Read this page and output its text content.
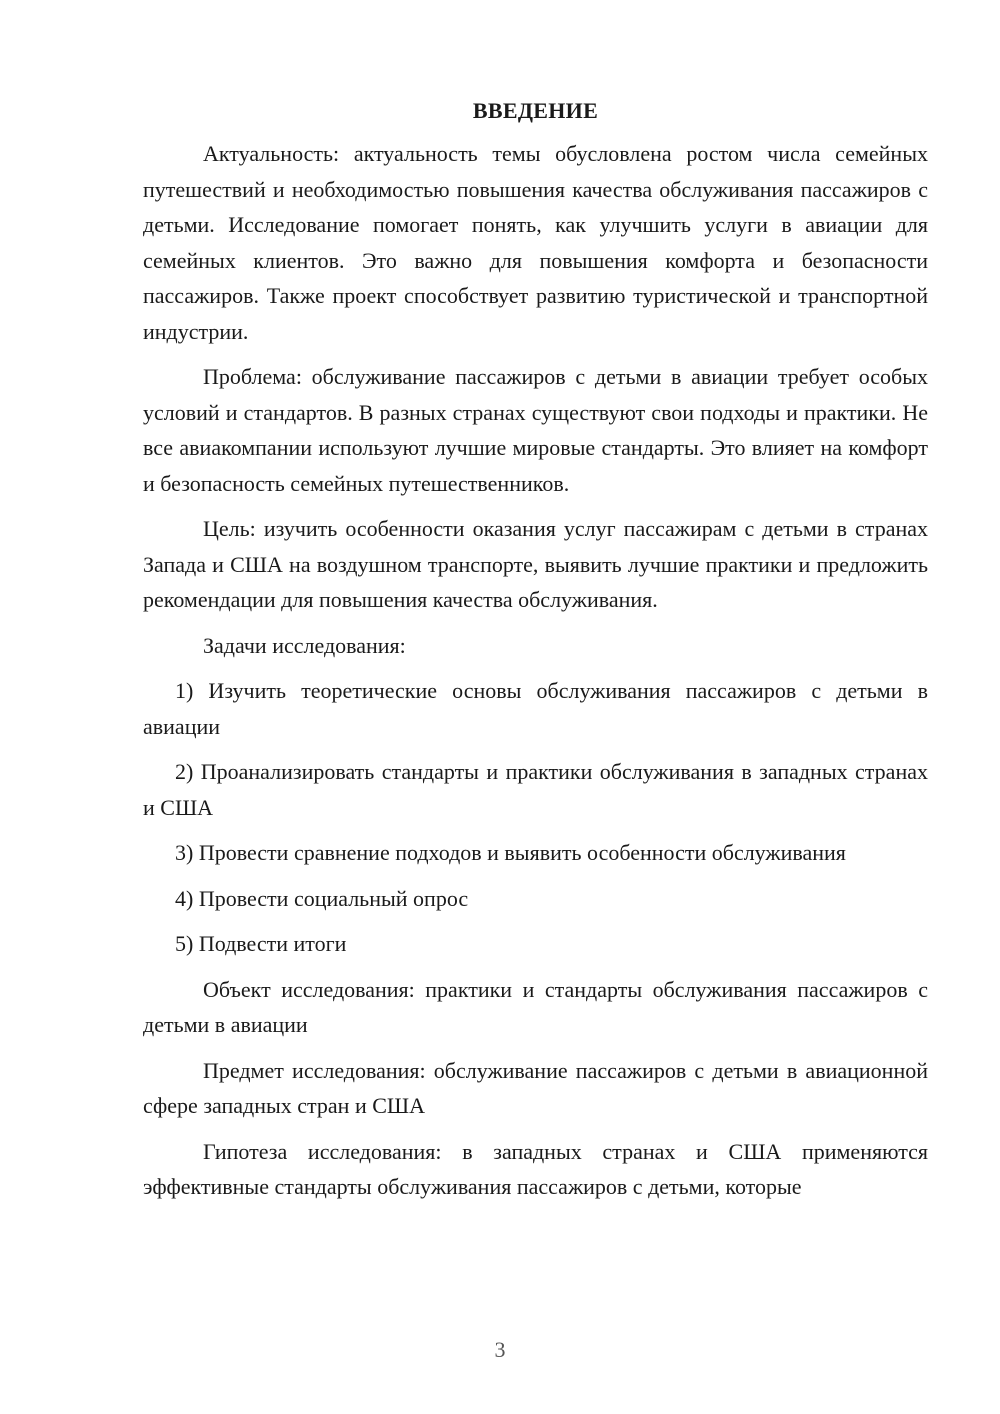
ВВЕДЕНИЕ

Актуальность: актуальность темы обусловлена ростом числа семейных путешествий и необходимостью повышения качества обслуживания пассажиров с детьми. Исследование помогает понять, как улучшить услуги в авиации для семейных клиентов. Это важно для повышения комфорта и безопасности пассажиров. Также проект способствует развитию туристической и транспортной индустрии.

Проблема: обслуживание пассажиров с детьми в авиации требует особых условий и стандартов. В разных странах существуют свои подходы и практики. Не все авиакомпании используют лучшие мировые стандарты. Это влияет на комфорт и безопасность семейных путешественников.

Цель: изучить особенности оказания услуг пассажирам с детьми в странах Запада и США на воздушном транспорте, выявить лучшие практики и предложить рекомендации для повышения качества обслуживания.

Задачи исследования:

1) Изучить теоретические основы обслуживания пассажиров с детьми в авиации

2) Проанализировать стандарты и практики обслуживания в западных странах и США

3) Провести сравнение подходов и выявить особенности обслуживания

4) Провести социальный опрос

5) Подвести итоги

Объект исследования: практики и стандарты обслуживания пассажиров с детьми в авиации

Предмет исследования: обслуживание пассажиров с детьми в авиационной сфере западных стран и США

Гипотеза исследования: в западных странах и США применяются эффективные стандарты обслуживания пассажиров с детьми, которые

3
